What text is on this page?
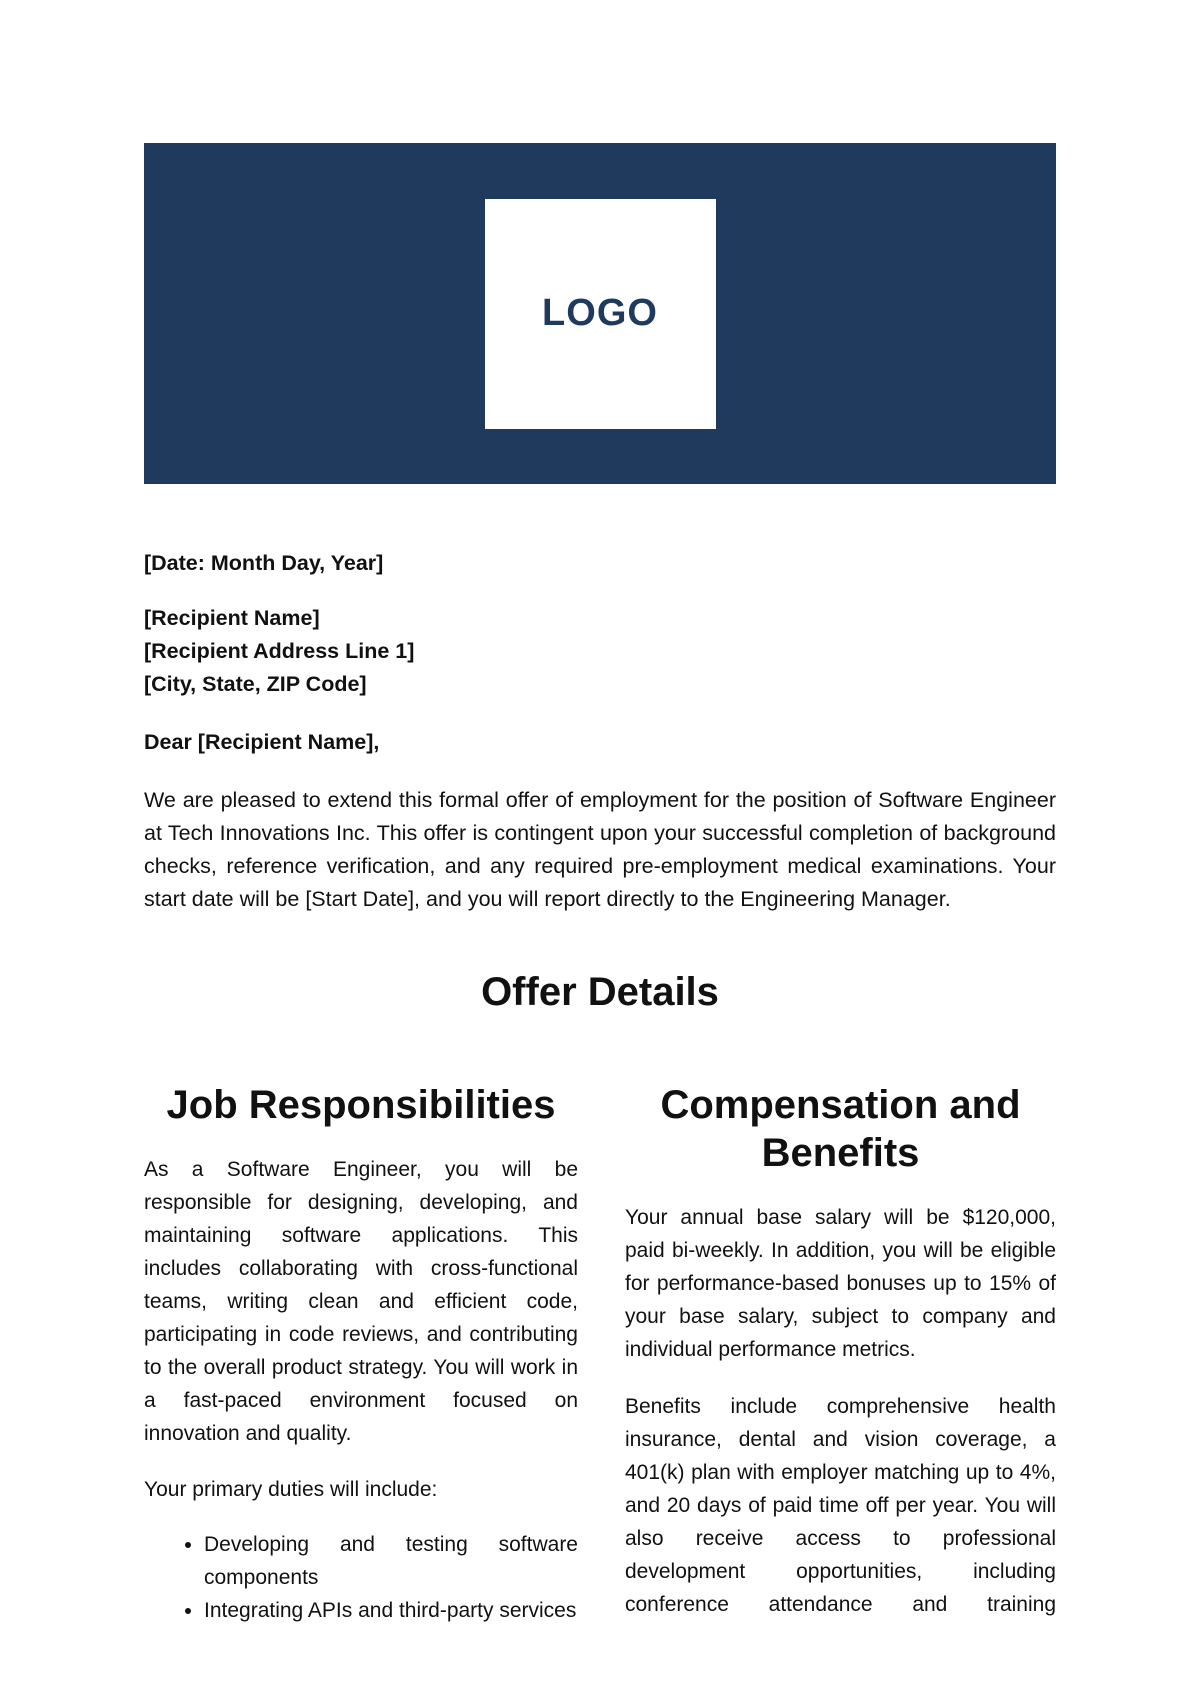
LOGO

[Date: Month Day, Year]

[Recipient Name]
[Recipient Address Line 1]
[City, State, ZIP Code]

Dear [Recipient Name],

We are pleased to extend this formal offer of employment for the position of Software Engineer at Tech Innovations Inc. This offer is contingent upon your successful completion of background checks, reference verification, and any required pre-employment medical examinations. Your start date will be [Start Date], and you will report directly to the Engineering Manager.

Offer Details
Job Responsibilities

As a Software Engineer, you will be responsible for designing, developing, and maintaining software applications. This includes collaborating with cross-functional teams, writing clean and efficient code, participating in code reviews, and contributing to the overall product strategy. You will work in a fast-paced environment focused on innovation and quality.

Your primary duties will include:

• Developing and testing software components
• Integrating APIs and third-party services
Compensation and Benefits

Your annual base salary will be $120,000, paid bi-weekly. In addition, you will be eligible for performance-based bonuses up to 15% of your base salary, subject to company and individual performance metrics.

Benefits include comprehensive health insurance, dental and vision coverage, a 401(k) plan with employer matching up to 4%, and 20 days of paid time off per year. You will also receive access to professional development opportunities, including conference attendance and training
